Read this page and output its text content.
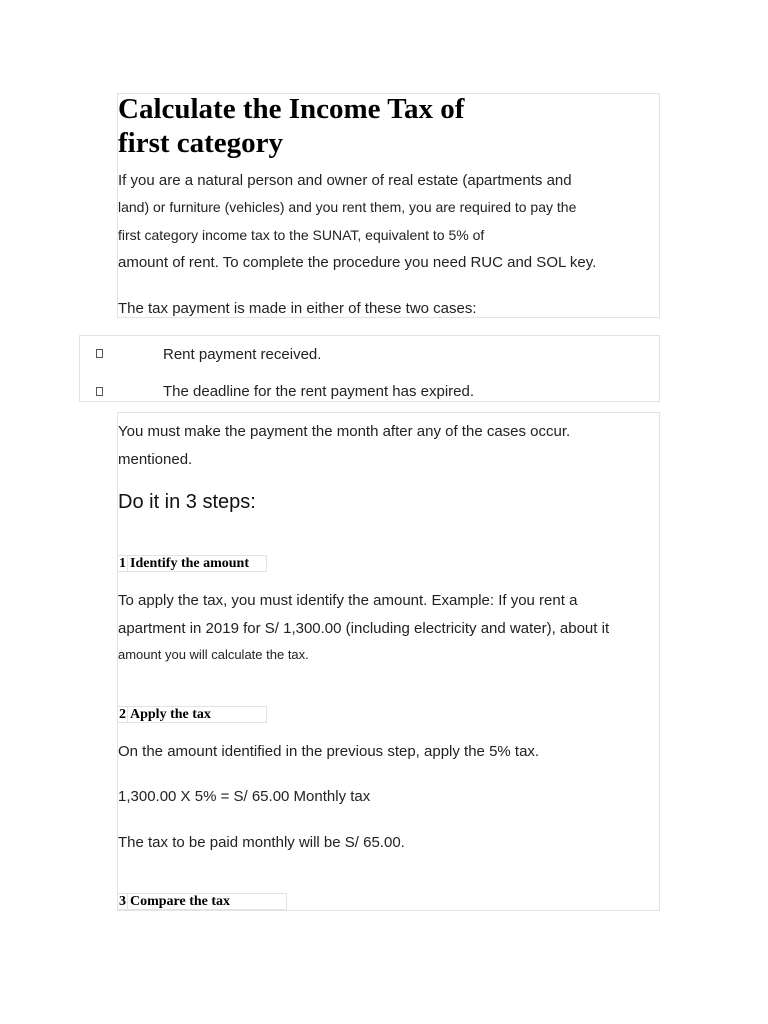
Calculate the Income Tax of
first category
If you are a natural person and owner of real estate (apartments and
land) or furniture (vehicles) and you rent them, you are required to pay the
first category income tax to the SUNAT, equivalent to 5% of
amount of rent. To complete the procedure you need RUC and SOL key.
The tax payment is made in either of these two cases:
Rent payment received.
The deadline for the rent payment has expired.
You must make the payment the month after any of the cases occur.
mentioned.
Do it in 3 steps:
1 Identify the amount
To apply the tax, you must identify the amount. Example: If you rent a
apartment in 2019 for S/ 1,300.00 (including electricity and water), about it
amount you will calculate the tax.
2 Apply the tax
On the amount identified in the previous step, apply the 5% tax.
1,300.00 X 5% = S/ 65.00 Monthly tax
The tax to be paid monthly will be S/ 65.00.
3 Compare the tax
